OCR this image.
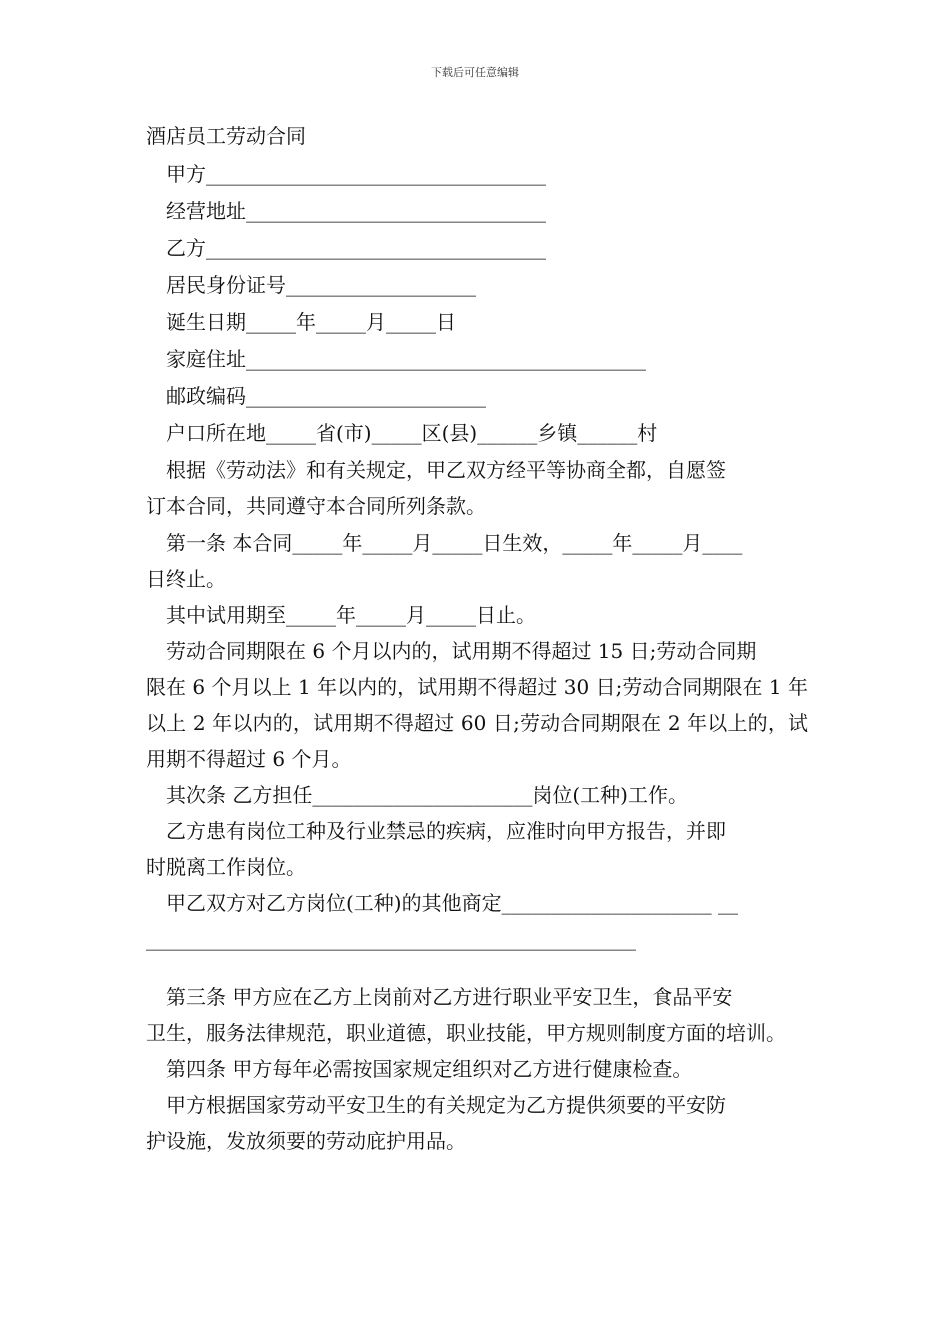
下载后可任意编辑
酒店员工劳动合同
甲方__________________________________
经营地址______________________________
乙方__________________________________
居民身份证号___________________
诞生日期_____年_____月_____日
家庭住址________________________________________
邮政编码________________________
户口所在地_____省(市)_____区(县)______乡镇______村
根据《劳动法》和有关规定，甲乙双方经平等协商全都，自愿签
订本合同，共同遵守本合同所列条款。
第一条 本合同_____年_____月_____日生效，_____年_____月____
日终止。
其中试用期至_____年_____月_____日止。
劳动合同期限在 6 个月以内的，试用期不得超过 15 日;劳动合同期
限在 6 个月以上 1 年以内的，试用期不得超过 30 日;劳动合同期限在 1 年以上 2 年以内的，试用期不得超过 60 日;劳动合同期限在 2 年以上的，试用期不得超过 6 个月。
其次条 乙方担任______________________岗位(工种)工作。
乙方患有岗位工种及行业禁忌的疾病，应准时向甲方报告，并即
时脱离工作岗位。
甲乙双方对乙方岗位(工种)的其他商定_____________________ __
_________________________________________________
第三条 甲方应在乙方上岗前对乙方进行职业平安卫生，食品平安
卫生，服务法律规范，职业道德，职业技能，甲方规则制度方面的培训。
第四条 甲方每年必需按国家规定组织对乙方进行健康检查。
甲方根据国家劳动平安卫生的有关规定为乙方提供须要的平安防
护设施，发放须要的劳动庇护用品。
